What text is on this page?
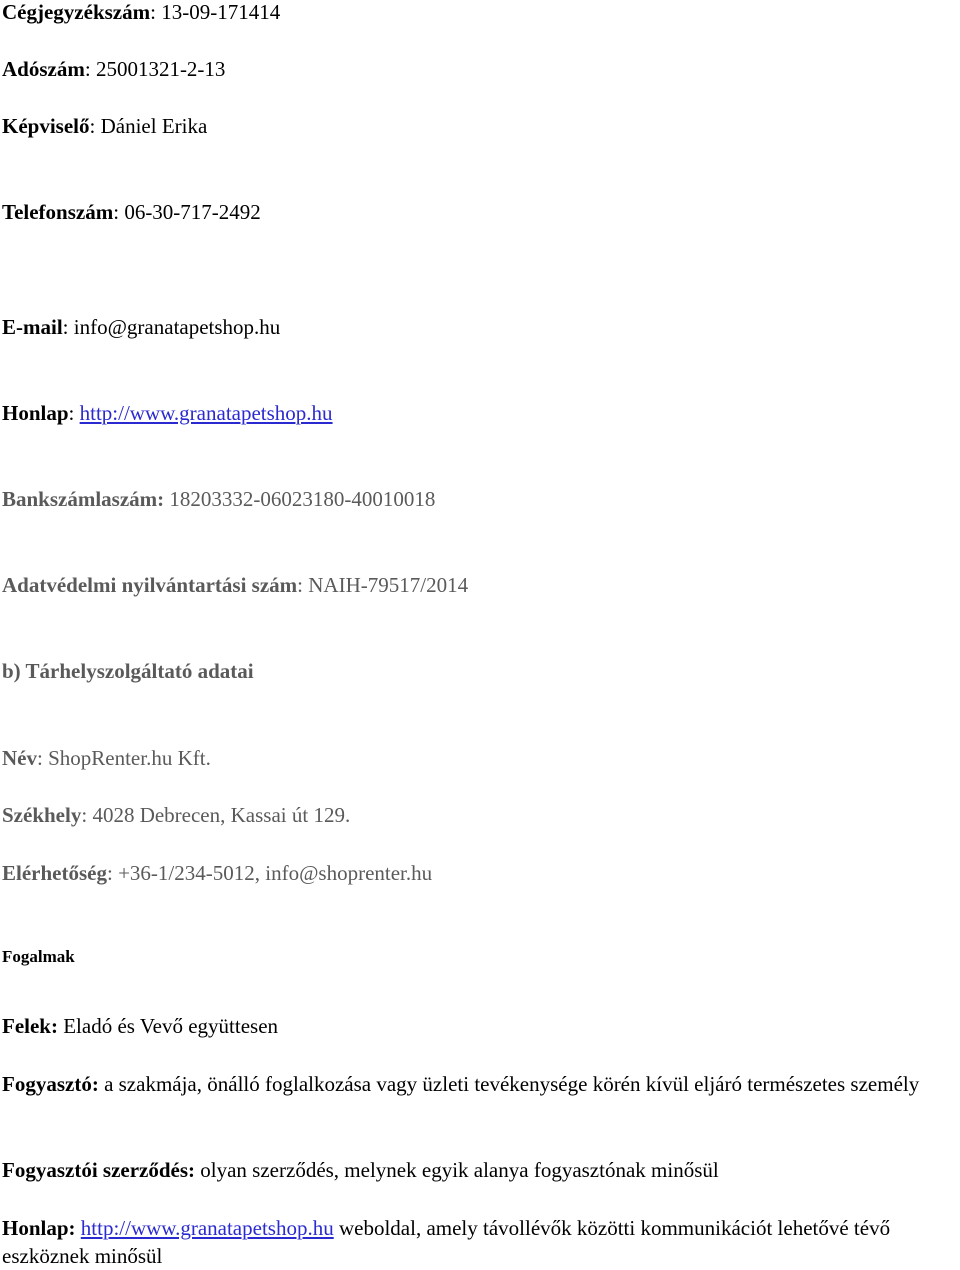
Cégjegyzékszám: 13-09-171414
Adószám: 25001321-2-13
Képviselő: Dániel Erika
Telefonszám: 06-30-717-2492
E-mail: info@granatapetshop.hu
Honlap: http://www.granatapetshop.hu
Bankszámlaszám: 18203332-06023180-40010018
Adatvédelmi nyilvántartási szám: NAIH-79517/2014
b) Tárhelyszolgáltató adatai
Név: ShopRenter.hu Kft.
Székhely: 4028 Debrecen, Kassai út 129.
Elérhetőség: +36-1/234-5012, info@shoprenter.hu
Fogalmak
Felek: Eladó és Vevő együttesen
Fogyasztó: a szakmája, önálló foglalkozása vagy üzleti tevékenysége körén kívül eljáró természetes személy
Fogyasztói szerződés: olyan szerződés, melynek egyik alanya fogyasztónak minősül
Honlap: http://www.granatapetshop.hu weboldal, amely távollévők közötti kommunikációt lehetővé tévő eszköznek minősül
